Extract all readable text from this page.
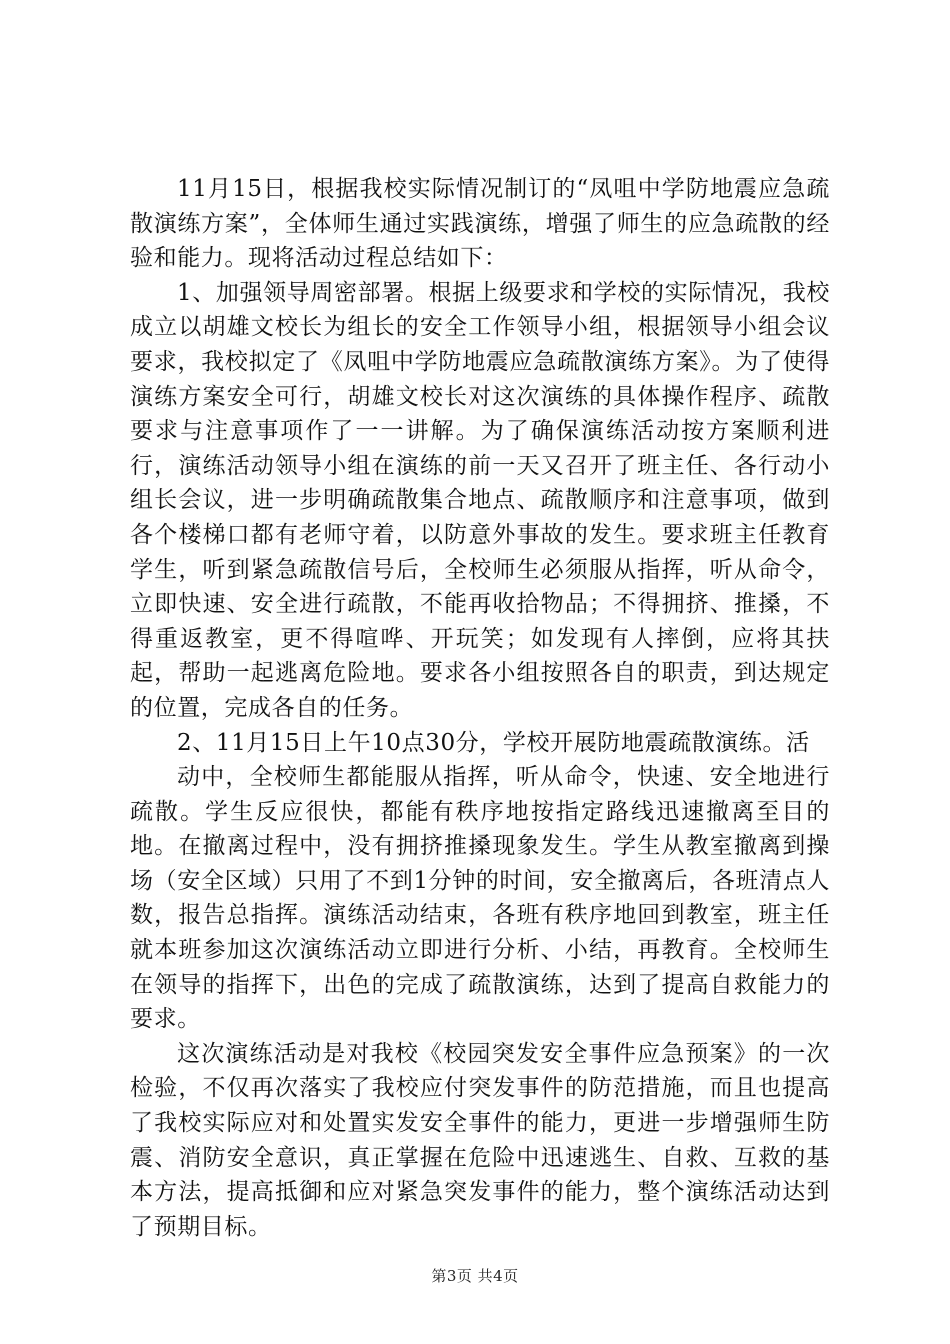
11月15日，根据我校实际情况制订的“凤咀中学防地震应急疏散演练方案”，全体师生通过实践演练，增强了师生的应急疏散的经验和能力。现将活动过程总结如下：

1、加强领导周密部署。根据上级要求和学校的实际情况，我校成立以胡雄文校长为组长的安全工作领导小组，根据领导小组会议要求，我校拟定了《凤咀中学防地震应急疏散演练方案》。为了使得演练方案安全可行，胡雄文校长对这次演练的具体操作程序、疏散要求与注意事项作了一一讲解。为了确保演练活动按方案顺利进行，演练活动领导小组在演练的前一天又召开了班主任、各行动小组长会议，进一步明确疏散集合地点、疏散顺序和注意事项，做到各个楼梯口都有老师守着，以防意外事故的发生。要求班主任教育学生，听到紧急疏散信号后，全校师生必须服从指挥，听从命令，立即快速、安全进行疏散，不能再收拾物品；不得拥挤、推搡，不得重返教室，更不得喧哗、开玩笑；如发现有人摔倒，应将其扶起，帮助一起逃离危险地。要求各小组按照各自的职责，到达规定的位置，完成各自的任务。

2、11月15日上午10点30分，学校开展防地震疏散演练。活

动中，全校师生都能服从指挥，听从命令，快速、安全地进行疏散。学生反应很快，都能有秩序地按指定路线迅速撤离至目的地。在撤离过程中，没有拥挤推搡现象发生。学生从教室撤离到操场（安全区域）只用了不到1分钟的时间，安全撤离后，各班清点人数，报告总指挥。演练活动结束，各班有秩序地回到教室，班主任就本班参加这次演练活动立即进行分析、小结，再教育。全校师生在领导的指挥下，出色的完成了疏散演练，达到了提高自救能力的要求。

这次演练活动是对我校《校园突发安全事件应急预案》的一次检验，不仅再次落实了我校应付突发事件的防范措施，而且也提高了我校实际应对和处置实发安全事件的能力，更进一步增强师生防震、消防安全意识，真正掌握在危险中迅速逃生、自救、互救的基本方法，提高抵御和应对紧急突发事件的能力，整个演练活动达到了预期目标。

第3页 共4页
